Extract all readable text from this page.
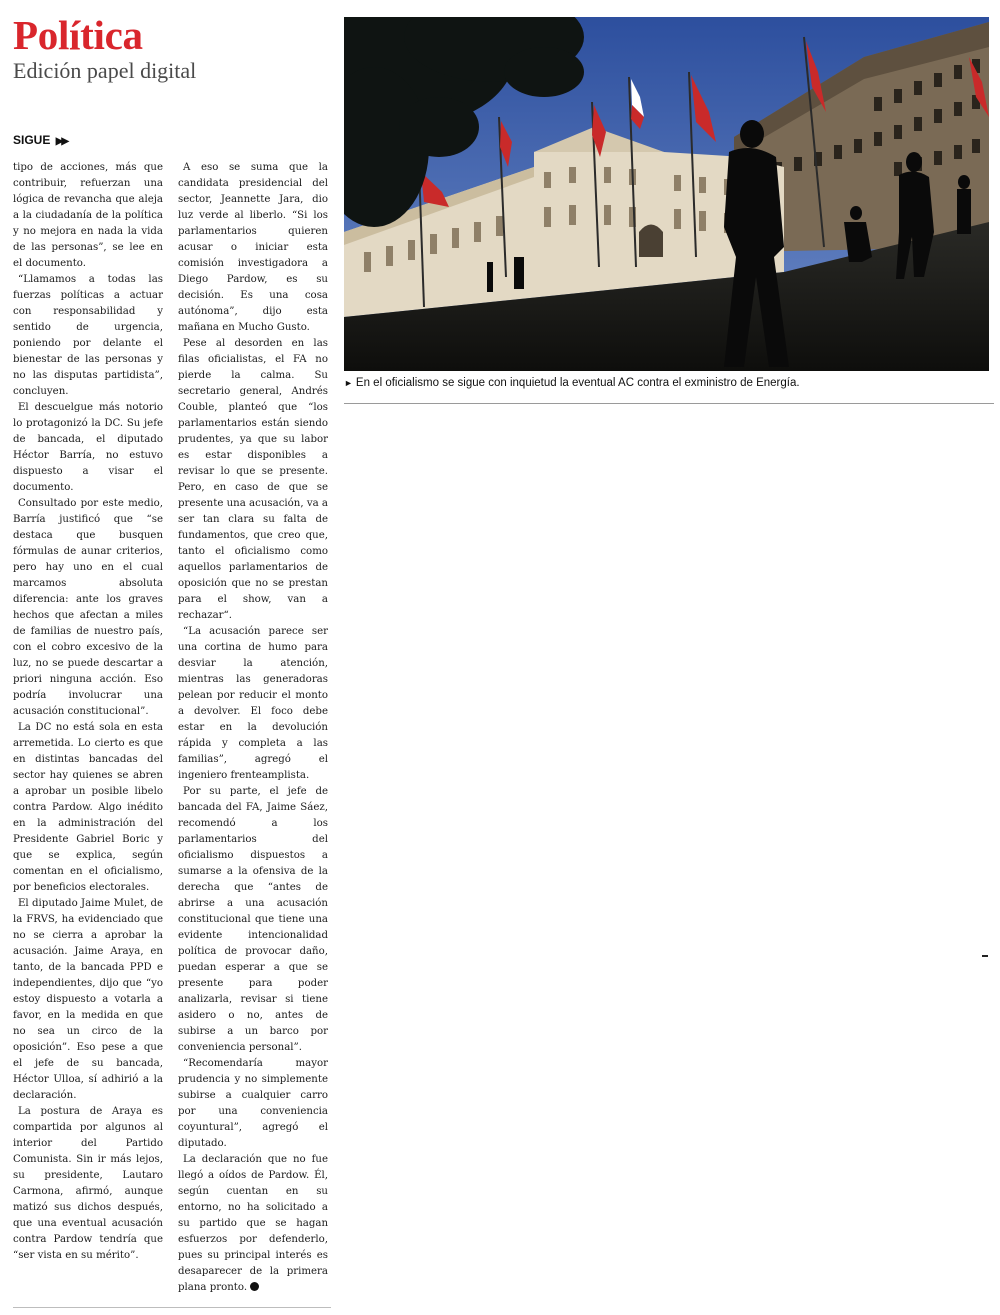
Política
Edición papel digital
SIGUE ▶▶

tipo de acciones, más que contribuir, refuerzan una lógica de revancha que aleja a la ciudadanía de la política y no mejora en nada la vida de las personas”, se lee en el documento.

“Llamamos a todas las fuerzas políticas a actuar con responsabilidad y sentido de urgencia, poniendo por delante el bienestar de las personas y no las disputas partidista”, concluyen.

El descuelgue más notorio lo protagonizó la DC. Su jefe de bancada, el diputado Héctor Barría, no estuvo dispuesto a visar el documento.

Consultado por este medio, Barría justificó que “se destaca que busquen fórmulas de aunar criterios, pero hay uno en el cual marcamos absoluta diferencia: ante los graves hechos que afectan a miles de familias de nuestro país, con el cobro excesivo de la luz, no se puede descartar a priori ninguna acción. Eso podría involucrar una acusación constitucional”.

La DC no está sola en esta arremetida. Lo cierto es que en distintas bancadas del sector hay quienes se abren a aprobar un posible libelo contra Pardow. Algo inédito en la administración del Presidente Gabriel Boric y que se explica, según comentan en el oficialismo, por beneficios electorales.

El diputado Jaime Mulet, de la FRVS, ha evidenciado que no se cierra a aprobar la acusación. Jaime Araya, en tanto, de la bancada PPD e independientes, dijo que “yo estoy dispuesto a votarla a favor, en la medida en que no sea un circo de la oposición”. Eso pese a que el jefe de su bancada, Héctor Ulloa, sí adhirió a la declaración.

La postura de Araya es compartida por algunos al interior del Partido Comunista. Sin ir más lejos, su presidente, Lautaro Carmona, afirmó, aunque matizó sus dichos después, que una eventual acusación contra Pardow tendría que “ser vista en su mérito”.

A eso se suma que la candidata presidencial del sector, Jeannette Jara, dio luz verde al liberlo. “Si los parlamentarios quieren acusar o iniciar esta comisión investigadora a Diego Pardow, es su decisión. Es una cosa autónoma”, dijo esta mañana en Mucho Gusto.

Pese al desorden en las filas oficialistas, el FA no pierde la calma. Su secretario general, Andrés Couble, planteó que “los parlamentarios están siendo prudentes, ya que su labor es estar disponibles a revisar lo que se presente. Pero, en caso de que se presente una acusación, va a ser tan clara su falta de fundamentos, que creo que, tanto el oficialismo como aquellos parlamentarios de oposición que no se prestan para el show, van a rechazar“.

“La acusación parece ser una cortina de humo para desviar la atención, mientras las generadoras pelean por reducir el monto a devolver. El foco debe estar en la devolución rápida y completa a las familias”, agregó el ingeniero frenteamplista.

Por su parte, el jefe de bancada del FA, Jaime Sáez, recomendó a los parlamentarios del oficialismo dispuestos a sumarse a la ofensiva de la derecha que “antes de abrirse a una acusación constitucional que tiene una evidente intencionalidad política de provocar daño, puedan esperar a que se presente para poder analizarla, revisar si tiene asidero o no, antes de subirse a un barco por conveniencia personal”.

“Recomendaría mayor prudencia y no simplemente subirse a cualquier carro por una conveniencia coyuntural”, agregó el diputado.

La declaración que no fue llegó a oídos de Pardow. Él, según cuentan en su entorno, no ha solicitado a su partido que se hagan esfuerzos por defenderlo, pues su principal interés es desaparecer de la primera plana pronto.

► En el oficialismo se sigue con inquietud la eventual AC contra el exministro de Energía.
